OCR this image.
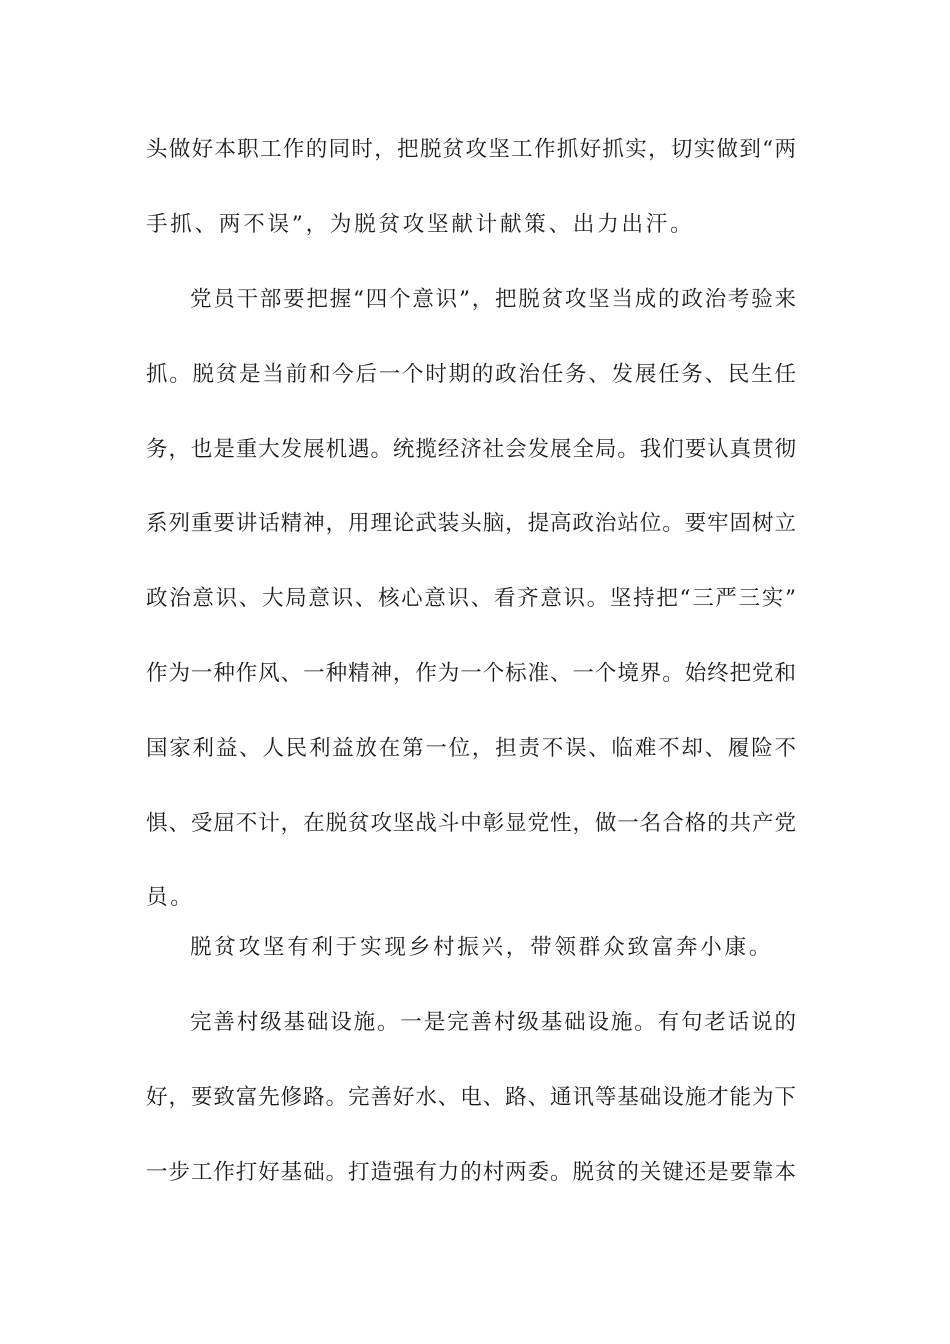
头做好本职工作的同时，把脱贫攻坚工作抓好抓实，切实做到“两

手抓、两不误”，为脱贫攻坚献计献策、出力出汗。

党员干部要把握“四个意识”，把脱贫攻坚当成的政治考验来

抓。脱贫是当前和今后一个时期的政治任务、发展任务、民生任

务，也是重大发展机遇。统揽经济社会发展全局。我们要认真贯彻

系列重要讲话精神，用理论武装头脑，提高政治站位。要牢固树立

政治意识、大局意识、核心意识、看齐意识。坚持把“三严三实”

作为一种作风、一种精神，作为一个标准、一个境界。始终把党和

国家利益、人民利益放在第一位，担责不误、临难不却、履险不

惧、受屈不计，在脱贫攻坚战斗中彰显党性，做一名合格的共产党

员。

脱贫攻坚有利于实现乡村振兴，带领群众致富奔小康。

完善村级基础设施。一是完善村级基础设施。有句老话说的

好，要致富先修路。完善好水、电、路、通讯等基础设施才能为下

一步工作打好基础。打造强有力的村两委。脱贫的关键还是要靠本
